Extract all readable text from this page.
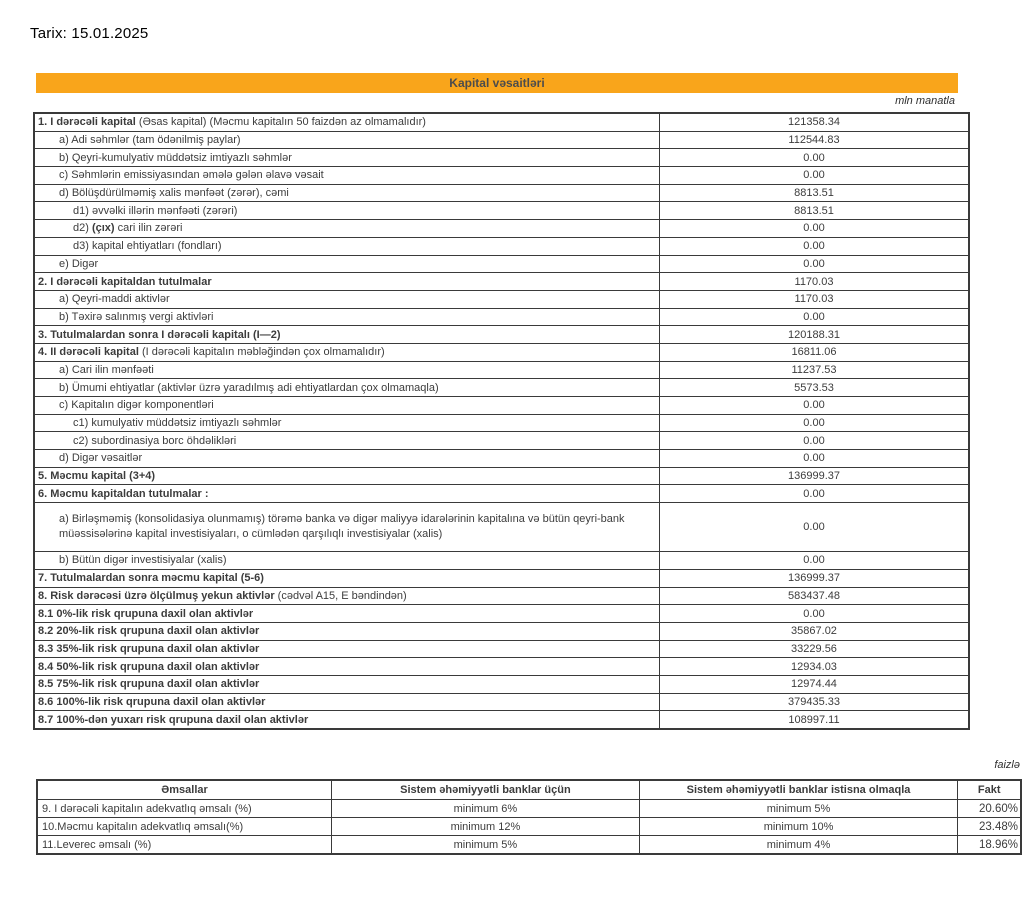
Tarix: 15.01.2025
Kapital vəsaitləri
mln manatla
1. I dərəcəli kapital (Əsas kapital) (Məcmu kapitalın 50 faizdən az olmamalıdır)	121358.34
a) Adi səhmlər (tam ödənilmiş paylar)	112544.83
b) Qeyri-kumulyativ müddətsiz imtiyazlı səhmlər	0.00
c) Səhmlərin emissiyasından əmələ gələn əlavə vəsait	0.00
d) Bölüşdürülməmiş xalis mənfəət (zərər), cəmi	8813.51
d1) əvvəlki illərin mənfəəti (zərəri)	8813.51
d2) (çıx) cari ilin zərəri	0.00
d3) kapital ehtiyatları (fondları)	0.00
e) Digər	0.00
2. I dərəcəli kapitaldan tutulmalar	1170.03
a) Qeyri-maddi aktivlər	1170.03
b) Təxirə salınmış vergi aktivləri	0.00
3. Tutulmalardan sonra I dərəcəli kapitalı (I—2)	120188.31
4. II dərəcəli kapital (I dərəcəli kapitalın məbləğindən çox olmamalıdır)	16811.06
a) Cari ilin mənfəəti	11237.53
b) Ümumi ehtiyatlar (aktivlər üzrə yaradılmış adi ehtiyatlardan çox olmamaqla)	5573.53
c) Kapitalın digər komponentləri	0.00
c1) kumulyativ müddətsiz imtiyazlı səhmlər	0.00
c2) subordinasiya borc öhdəlikləri	0.00
d) Digər vəsaitlər	0.00
5. Məcmu kapital (3+4)	136999.37
6. Məcmu kapitaldan tutulmalar :	0.00
a) Birləşməmiş (konsolidasiya olunmamış) törəmə banka və digər maliyyə idarələrinin kapitalına və bütün qeyri-bank müəssisələrinə kapital investisiyaları, o cümlədən qarşılıqlı investisiyalar (xalis)	0.00
b) Bütün digər investisiyalar (xalis)	0.00
7. Tutulmalardan sonra məcmu kapital (5-6)	136999.37
8. Risk dərəcəsi üzrə ölçülmuş yekun aktivlər (cədvəl A15, E bəndindən)	583437.48
8.1 0%-lik risk qrupuna daxil olan aktivlər	0.00
8.2 20%-lik risk qrupuna daxil olan aktivlər	35867.02
8.3 35%-lik risk qrupuna daxil olan aktivlər	33229.56
8.4 50%-lik risk qrupuna daxil olan aktivlər	12934.03
8.5 75%-lik risk qrupuna daxil olan aktivlər	12974.44
8.6 100%-lik risk qrupuna daxil olan aktivlər	379435.33
8.7 100%-dən yuxarı risk qrupuna daxil olan aktivlər	108997.11
faizlə
Əmsallar	Sistem əhəmiyyətli banklar üçün	Sistem əhəmiyyətli banklar istisna olmaqla	Fakt
9. I dərəcəli kapitalın adekvatlıq əmsalı (%)	minimum 6%	minimum 5%	20.60%
10.Məcmu kapitalın adekvatlıq əmsalı(%)	minimum 12%	minimum 10%	23.48%
11.Leverec əmsalı (%)	minimum 5%	minimum 4%	18.96%
